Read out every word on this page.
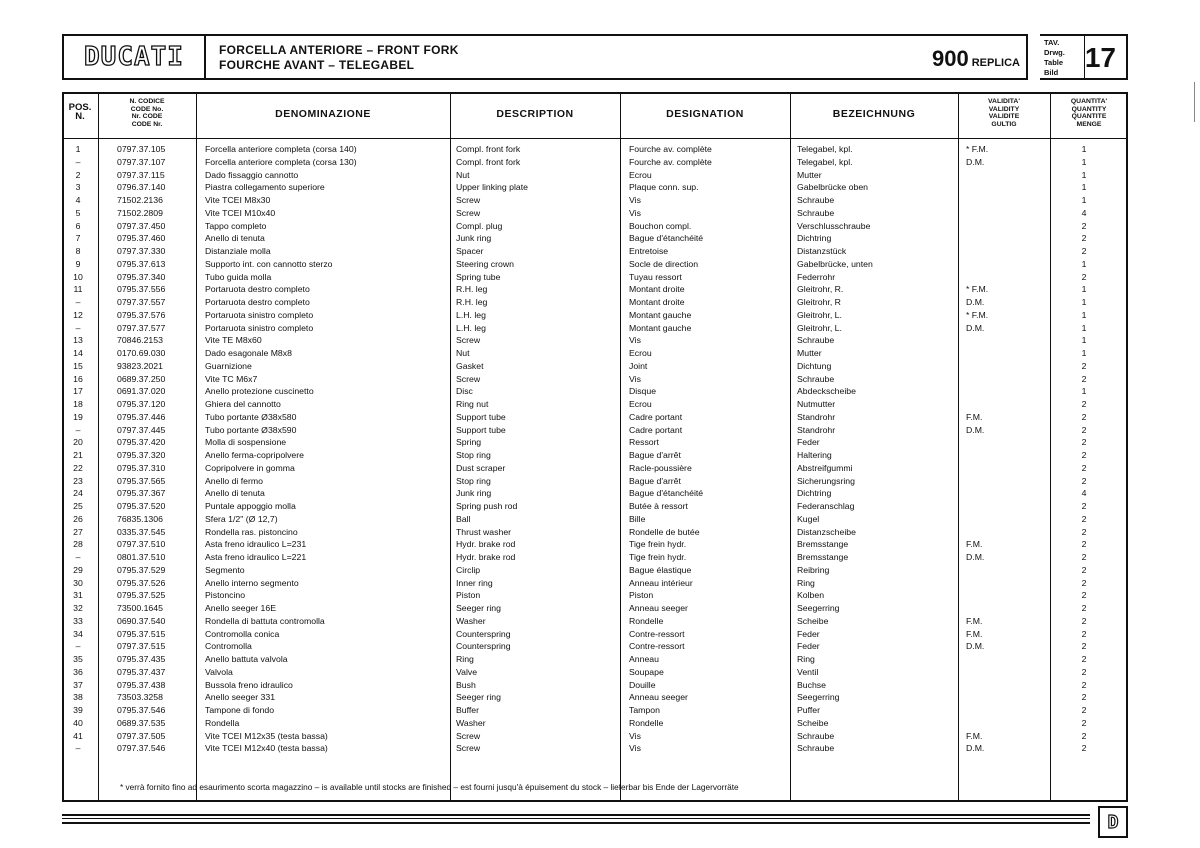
DUCATI	FORCELLA ANTERIORE – FRONT FORK
FOURCHE AVANT – TELEGABEL	900 REPLICA
TAV.
Drwg.
Table
Bild 17
POS.
N.
N. CODICE
CODE No.
Nr. CODE
CODE Nr.
DENOMINAZIONE	DESCRIPTION	DESIGNATION	BEZEICHNUNG
VALIDITA'
VALIDITY
VALIDITE
GULTIG
QUANTITA'
QUANTITY
QUANTITE
MENGE
1	0797.37.105	Forcella anteriore completa (corsa 140)	Compl. front fork	Fourche av. complète	Telegabel, kpl.	* F.M.	1
–	0797.37.107	Forcella anteriore completa (corsa 130)	Compl. front fork	Fourche av. complète	Telegabel, kpl.	D.M.	1
2	0797.37.115	Dado fissaggio cannotto	Nut	Ecrou	Mutter	1
3	0796.37.140	Piastra collegamento superiore	Upper linking plate	Plaque conn. sup.	Gabelbrücke oben	1
4	71502.2136	Vite TCEI M8x30	Screw	Vis	Schraube	1
5	71502.2809	Vite TCEI M10x40	Screw	Vis	Schraube	4
6	0797.37.450	Tappo completo	Compl. plug	Bouchon compl.	Verschlusschraube	2
7	0795.37.460	Anello di tenuta	Junk ring	Bague d'étanchéité	Dichtring	2
8	0797.37.330	Distanziale molla	Spacer	Entretoise	Distanzstück	2
9	0795.37.613	Supporto int. con cannotto sterzo	Steering crown	Socle de direction	Gabelbrücke, unten	1
10	0795.37.340	Tubo guida molla	Spring tube	Tuyau ressort	Federrohr	2
11	0795.37.556	Portaruota destro completo	R.H. leg	Montant droite	Gleitrohr, R.	* F.M.	1
–	0797.37.557	Portaruota destro completo	R.H. leg	Montant droite	Gleitrohr, R	D.M.	1
12	0795.37.576	Portaruota sinistro completo	L.H. leg	Montant gauche	Gleitrohr, L.	* F.M.	1
–	0797.37.577	Portaruota sinistro completo	L.H. leg	Montant gauche	Gleitrohr, L.	D.M.	1
13	70846.2153	Vite TE M8x60	Screw	Vis	Schraube	1
14	0170.69.030	Dado esagonale M8x8	Nut	Ecrou	Mutter	1
15	93823.2021	Guarnizione	Gasket	Joint	Dichtung	2
16	0689.37.250	Vite TC M6x7	Screw	Vis	Schraube	2
17	0691.37.020	Anello protezione cuscinetto	Disc	Disque	Abdeckscheibe	1
18	0795.37.120	Ghiera del cannotto	Ring nut	Ecrou	Nutmutter	2
19	0795.37.446	Tubo portante Ø38x580	Support tube	Cadre portant	Standrohr	F.M.	2
–	0797.37.445	Tubo portante Ø38x590	Support tube	Cadre portant	Standrohr	D.M.	2
20	0795.37.420	Molla di sospensione	Spring	Ressort	Feder	2
21	0795.37.320	Anello ferma-copripolvere	Stop ring	Bague d'arrêt	Haltering	2
22	0795.37.310	Copripolvere in gomma	Dust scraper	Racle-poussière	Abstreifgummi	2
23	0795.37.565	Anello di fermo	Stop ring	Bague d'arrêt	Sicherungsring	2
24	0795.37.367	Anello di tenuta	Junk ring	Bague d'étanchéité	Dichtring	4
25	0795.37.520	Puntale appoggio molla	Spring push rod	Butée à ressort	Federanschlag	2
26	76835.1306	Sfera 1/2" (Ø 12,7)	Ball	Bille	Kugel	2
27	0335.37.545	Rondella ras. pistoncino	Thrust washer	Rondelle de butée	Distanzscheibe	2
28	0797.37.510	Asta freno idraulico L=231	Hydr. brake rod	Tige frein hydr.	Bremsstange	F.M.	2
–	0801.37.510	Asta freno idraulico L=221	Hydr. brake rod	Tige frein hydr.	Bremsstange	D.M.	2
29	0795.37.529	Segmento	Circlip	Bague élastique	Reibring	2
30	0795.37.526	Anello interno segmento	Inner ring	Anneau intérieur	Ring	2
31	0795.37.525	Pistoncino	Piston	Piston	Kolben	2
32	73500.1645	Anello seeger 16E	Seeger ring	Anneau seeger	Seegerring	2
33	0690.37.540	Rondella di battuta contromolla	Washer	Rondelle	Scheibe	F.M.	2
34	0795.37.515	Contromolla conica	Counterspring	Contre-ressort	Feder	F.M.	2
–	0797.37.515	Contromolla	Counterspring	Contre-ressort	Feder	D.M.	2
35	0795.37.435	Anello battuta valvola	Ring	Anneau	Ring	2
36	0795.37.437	Valvola	Valve	Soupape	Ventil	2
37	0795.37.438	Bussola freno idraulico	Bush	Douille	Buchse	2
38	73503.3258	Anello seeger 331	Seeger ring	Anneau seeger	Seegerring	2
39	0795.37.546	Tampone di fondo	Buffer	Tampon	Puffer	2
40	0689.37.535	Rondella	Washer	Rondelle	Scheibe	2
41	0797.37.505	Vite TCEI M12x35 (testa bassa)	Screw	Vis	Schraube	F.M.	2
–	0797.37.546	Vite TCEI M12x40 (testa bassa)	Screw	Vis	Schraube	D.M.	2
* verrà fornito fino ad esaurimento scorta magazzino – is available until stocks are finished – est fourni jusqu'à épuisement du stock – lieferbar bis Ende der Lagervorräte
D
